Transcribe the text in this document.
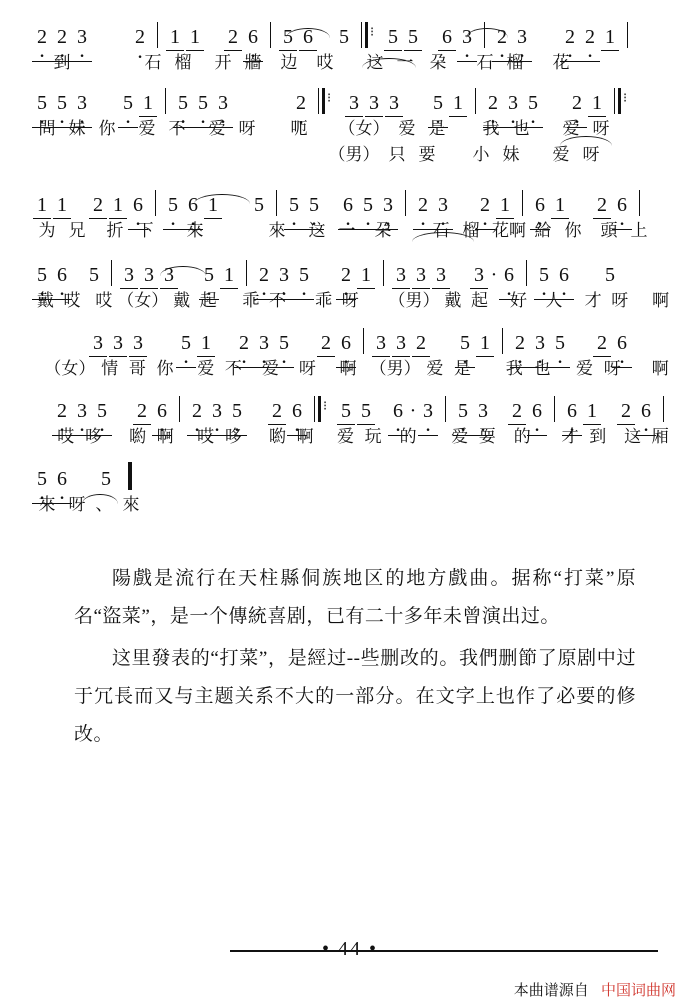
2 · 2 · 3 · 2 · 1 1 2 6 · 5 6 5 ⁝ 5 5 6 3 · 2 · 3 · 2 · 2 · 1
到	石 榴	开 牆	边	哎	这 一 朶	石 榴	花
5 · 5 · 3 · 5 · 1 5 · 5 · 3 ·	2 · ⁝ 3 3 3 5 · 1 2 · 3 · 5 · 2 · 1
⁝
問 妹 你	爱 不	爱 呀	呃	（女） 爱 是	我 也	爱 呀
（男） 只 要	小 妹	爱 呀
1 1 2 1 6 · 5 · 6 · 1 5 5 · 5 · 6 · 5 · 3 · 2 · 3 · 2 · 1 6 · 1 2 6 ·
为 兄	折 下	來	來	这 一	朶	石 榴 花啊 給 你	頭 上
5 · 6 · 5 3 3 3 5 · 1 2 · 3 · 5 · 2 · 1 3 3 3 3 · 6 · 5 · 6 · 5
戴 哎 哎 （女） 戴 起 乖 不 乖 呀 （男） 戴 起 好 人 才 呀 啊
3 3 3 5 · 1 2 · 3 · 5 · 2 6 · 3 3 2 5 · 1 2 · 3 · 5 · 2 6 ·
（女） 情 哥 你	爱 不	爱	呀	啊 （男） 爱 是	我 也	爱 呀	啊
2 · 3 · 5 · 2 6 · 2 · 3 · 5 · 2 6 · ⁝ 5 5 6 · · 3 · 5 · 3 · 2 6 · 6 · 1 2 6 ·
哎 哆	喲 啊	哎 哆	喲 啊	爱 玩	的	爱 耍	的	才 到	这 厢
5 · 6 · 5
來 呀 、 來

陽戲是流行在天柱縣侗族地区的地方戲曲。据称“打菜”原名“盜菜”，是一个傳統喜剧，已有二十多年未曾演出过。

这里發表的“打菜”，是經过--些删改的。我們删節了原剧中过于冗長而又与主题关系不大的一部分。在文字上也作了必要的修改。

• 44 •
本曲谱源自 中国词曲网
